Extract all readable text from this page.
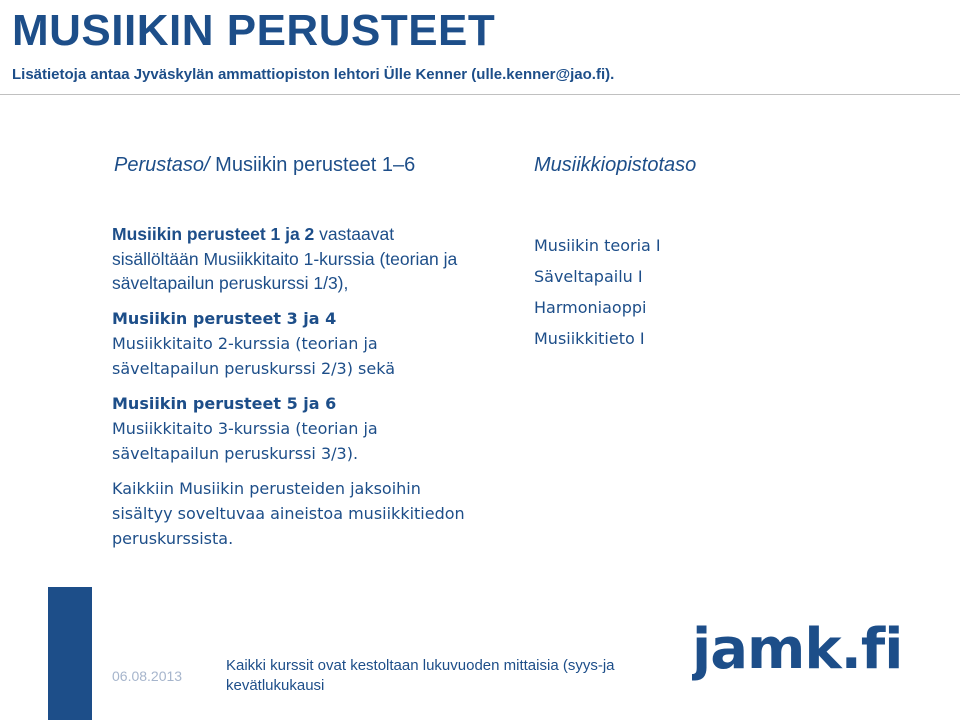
MUSIIKIN PERUSTEET
Lisätietoja antaa Jyväskylän ammattiopiston lehtori Ülle Kenner (ulle.kenner@jao.fi).
Perustaso/ Musiikin perusteet 1–6	Musiikkiopistotaso

Musiikin perusteet 1 ja 2 vastaavat sisällöltään Musiikkitaito 1-kurssia (teorian ja säveltapailun peruskurssi 1/3),

Musiikin perusteet 3 ja 4
Musiikkitaito 2-kurssia (teorian ja säveltapailun peruskurssi 2/3) sekä

Musiikin perusteet 5 ja 6
Musiikkitaito 3-kurssia (teorian ja säveltapailun peruskurssi 3/3).

Kaikkiin Musiikin perusteiden jaksoihin sisältyy soveltuvaa aineistoa musiikkitiedon peruskurssista.

Musiikin teoria I
Säveltapailu I
Harmoniaoppi
Musiikkitieto I
06.08.2013
Kaikki kurssit ovat kestoltaan lukuvuoden mittaisia (syys-ja kevätlukukausi
jamk.fi
